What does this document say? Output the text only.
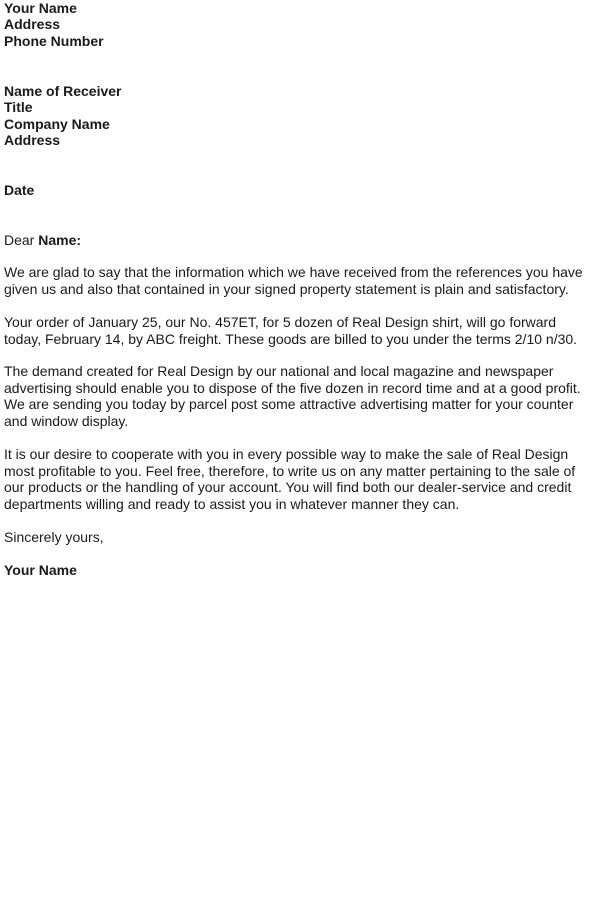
Your Name
Address
Phone Number
Name of Receiver
Title
Company Name
Address
Date
Dear Name:
We are glad to say that the information which we have received from the references you have
given us and also that contained in your signed property statement is plain and satisfactory.
Your order of January 25, our No. 457ET, for 5 dozen of Real Design shirt, will go forward
today, February 14, by ABC freight. These goods are billed to you under the terms 2/10 n/30.
The demand created for Real Design by our national and local magazine and newspaper
advertising should enable you to dispose of the five dozen in record time and at a good profit.
We are sending you today by parcel post some attractive advertising matter for your counter
and window display.
It is our desire to cooperate with you in every possible way to make the sale of Real Design
most profitable to you. Feel free, therefore, to write us on any matter pertaining to the sale of
our products or the handling of your account. You will find both our dealer-service and credit
departments willing and ready to assist you in whatever manner they can.
Sincerely yours,
Your Name
